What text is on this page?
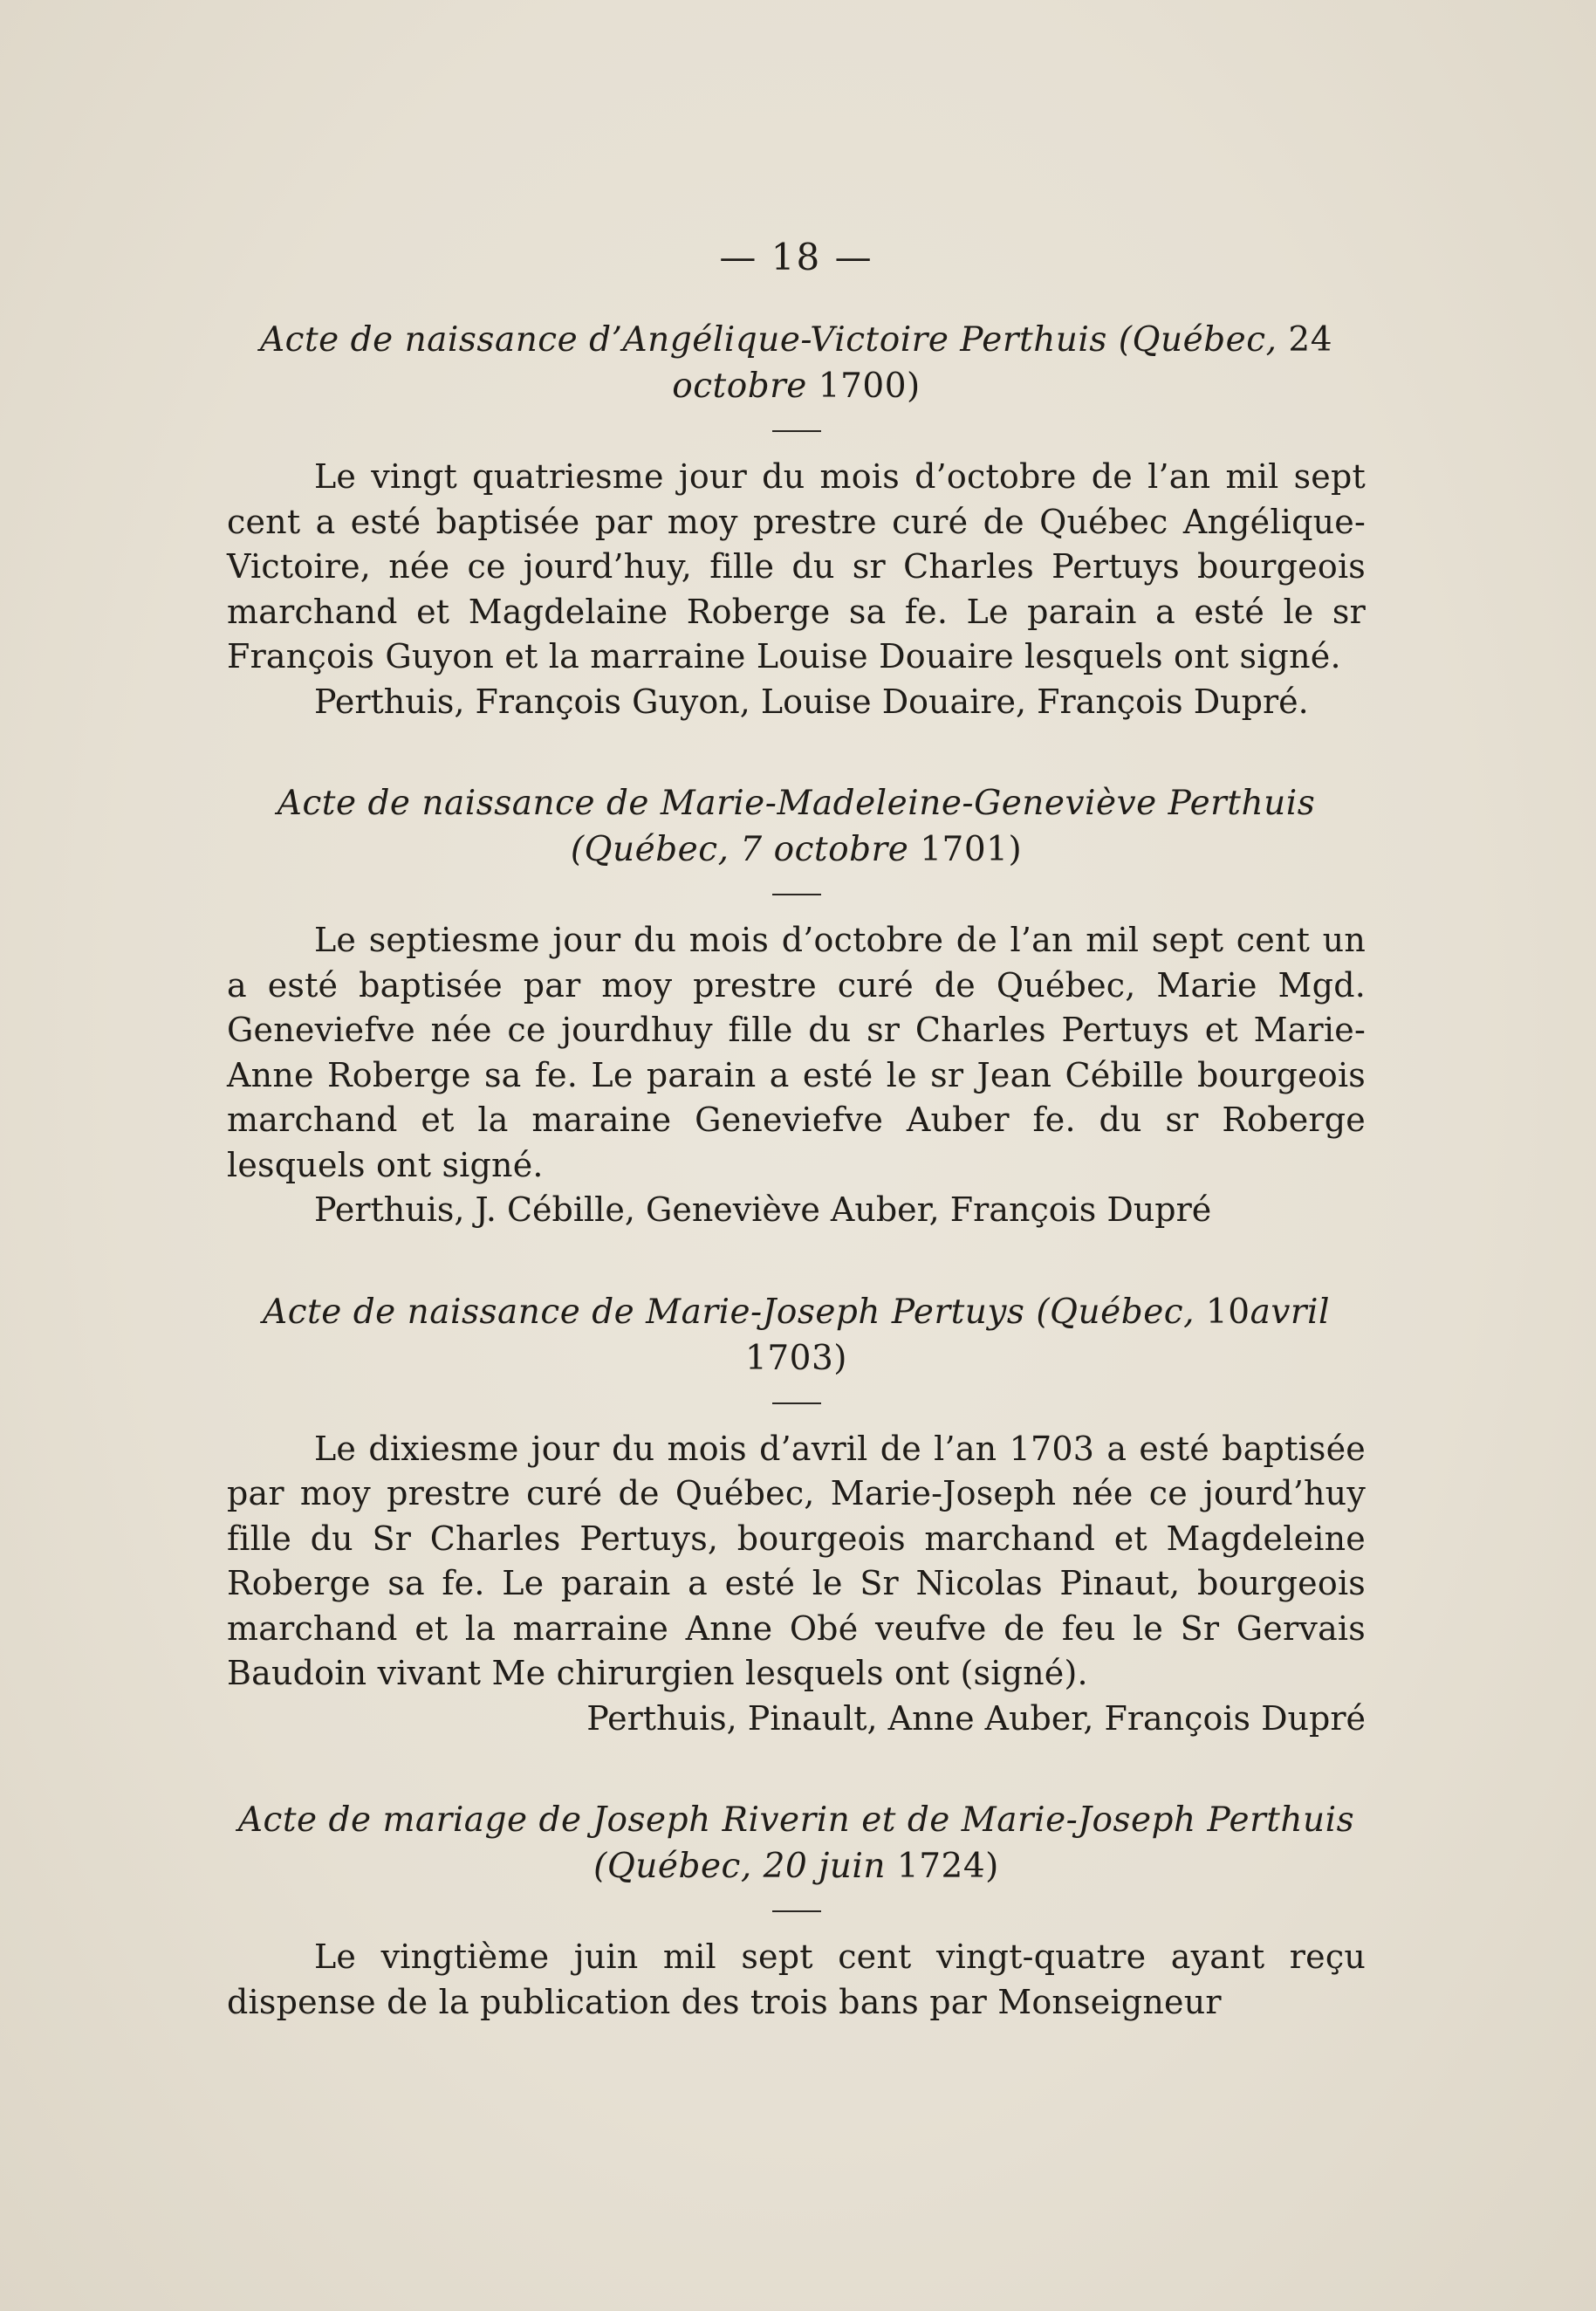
— 18 —

Acte de naissance d’Angélique-Victoire Perthuis (Québec, 24
octobre 1700)

Le vingt quatriesme jour du mois d’octobre de l’an mil sept cent a esté baptisée par moy prestre curé de Québec Angélique-Victoire, née ce jourd’huy, fille du sr Charles Pertuys bourgeois marchand et Magdelaine Roberge sa fe. Le parain a esté le sr François Guyon et la marraine Louise Douaire lesquels ont signé.

Perthuis, François Guyon, Louise Douaire, François Dupré.

Acte de naissance de Marie-Madeleine-Geneviève Perthuis
(Québec, 7 octobre 1701)

Le septiesme jour du mois d’octobre de l’an mil sept cent un a esté baptisée par moy prestre curé de Québec, Marie Mgd. Geneviefve née ce jourdhuy fille du sr Charles Pertuys et Marie-Anne Roberge sa fe. Le parain a esté le sr Jean Cébille bourgeois marchand et la maraine Geneviefve Auber fe. du sr Roberge lesquels ont signé.

Perthuis, J. Cébille, Geneviève Auber, François Dupré

Acte de naissance de Marie-Joseph Pertuys (Québec, 10avril
1703)

Le dixiesme jour du mois d’avril de l’an 1703 a esté baptisée par moy prestre curé de Québec, Marie-Joseph née ce jourd’huy fille du Sr Charles Pertuys, bourgeois marchand et Magdeleine Roberge sa fe. Le parain a esté le Sr Nicolas Pinaut, bourgeois marchand et la marraine Anne Obé veufve de feu le Sr Gervais Baudoin vivant Me chirurgien lesquels ont (signé).

Perthuis, Pinault, Anne Auber, François Dupré

Acte de mariage de Joseph Riverin et de Marie-Joseph Perthuis (Québec, 20 juin 1724)

Le vingtième juin mil sept cent vingt-quatre ayant reçu dispense de la publication des trois bans par Monseigneur
